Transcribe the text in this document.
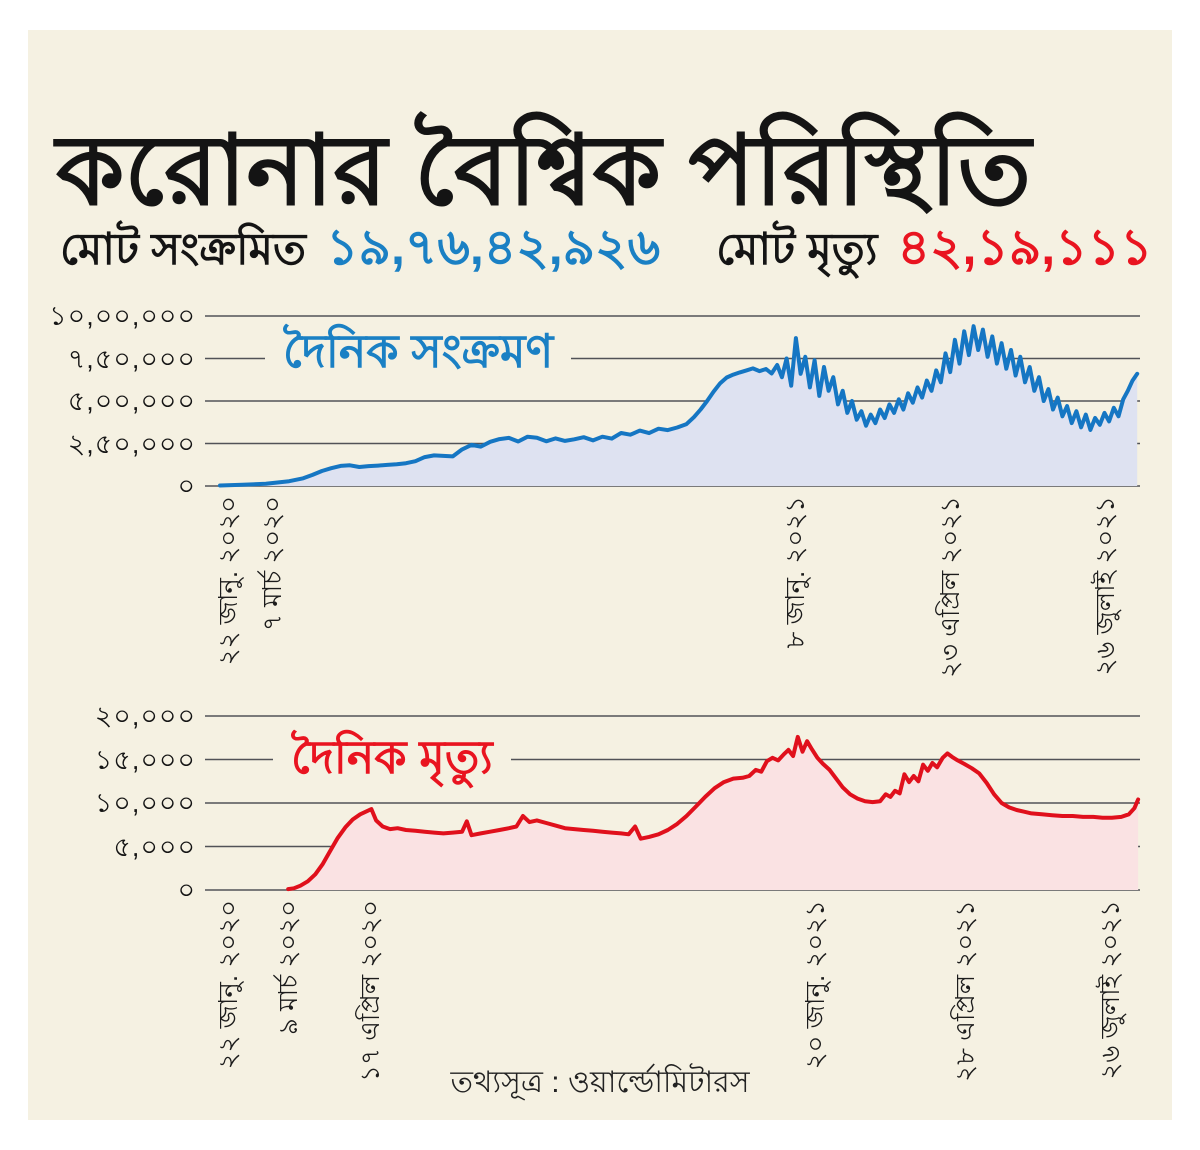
করোনার বৈশ্বিক পরিস্থিতি
মোট সংক্রমিত ১৯,৭৬,৪২,৯২৬ মোট মৃত্যু ৪২,১৯,১১১
১০,০০,০০০
৭,৫০,০০০
৫,০০,০০০
২,৫০,০০০
০
দৈনিক সংক্রমণ
২২ জানু. ২০২০ ৭ মার্চ ২০২০	৮ জানু. ২০২১	২৩ এপ্রিল ২০২১	২৬ জুলাই ২০২১
২০,০০০
১৫,০০০
১০,০০০
৫,০০০
০
দৈনিক মৃত্যু
২২ জানু. ২০২০ ৯ মার্চ ২০২০ ১৭ এপ্রিল ২০২০	২০ জানু. ২০২১	২৮ এপ্রিল ২০২১	২৬ জুলাই ২০২১
তথ্যসূত্র : ওয়ার্ল্ডোমিটারস
